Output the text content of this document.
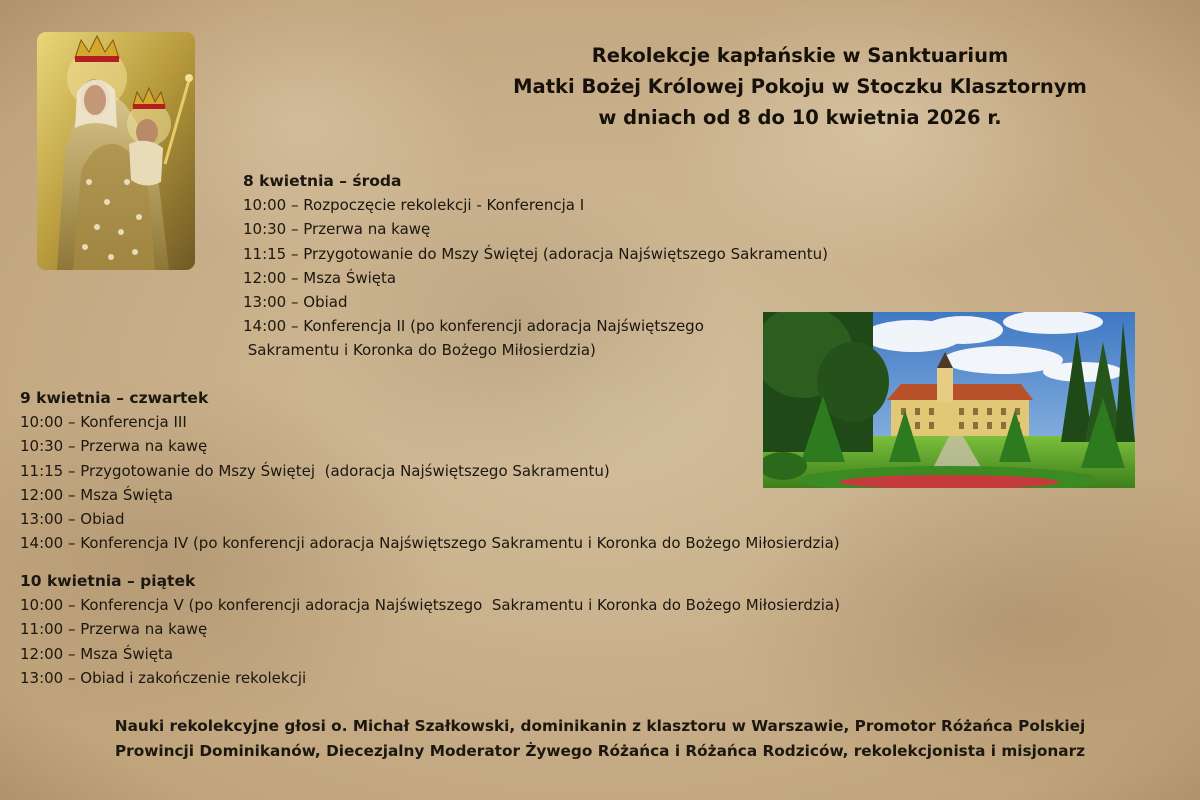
Rekolekcje kapłańskie w Sanktuarium
Matki Bożej Królowej Pokoju w Stoczku Klasztornym
w dniach od 8 do 10 kwietnia 2026 r.
8 kwietnia – środa
10:00 – Rozpoczęcie rekolekcji - Konferencja I
10:30 – Przerwa na kawę
11:15 – Przygotowanie do Mszy Świętej (adoracja Najświętszego Sakramentu)
12:00 – Msza Święta
13:00 – Obiad
14:00 – Konferencja II (po konferencji adoracja Najświętszego
Sakramentu i Koronka do Bożego Miłosierdzia)
9 kwietnia – czwartek
10:00 – Konferencja III
10:30 – Przerwa na kawę
11:15 – Przygotowanie do Mszy Świętej  (adoracja Najświętszego Sakramentu)
12:00 – Msza Święta
13:00 – Obiad
14:00 – Konferencja IV (po konferencji adoracja Najświętszego Sakramentu i Koronka do Bożego Miłosierdzia)
10 kwietnia – piątek
10:00 – Konferencja V (po konferencji adoracja Najświętszego  Sakramentu i Koronka do Bożego Miłosierdzia)
11:00 – Przerwa na kawę
12:00 – Msza Święta
13:00 – Obiad i zakończenie rekolekcji
Nauki rekolekcyjne głosi o. Michał Szałkowski, dominikanin z klasztoru w Warszawie, Promotor Różańca Polskiej
Prowincji Dominikanów, Diecezjalny Moderator Żywego Różańca i Różańca Rodziców, rekolekcjonista i misjonarz
